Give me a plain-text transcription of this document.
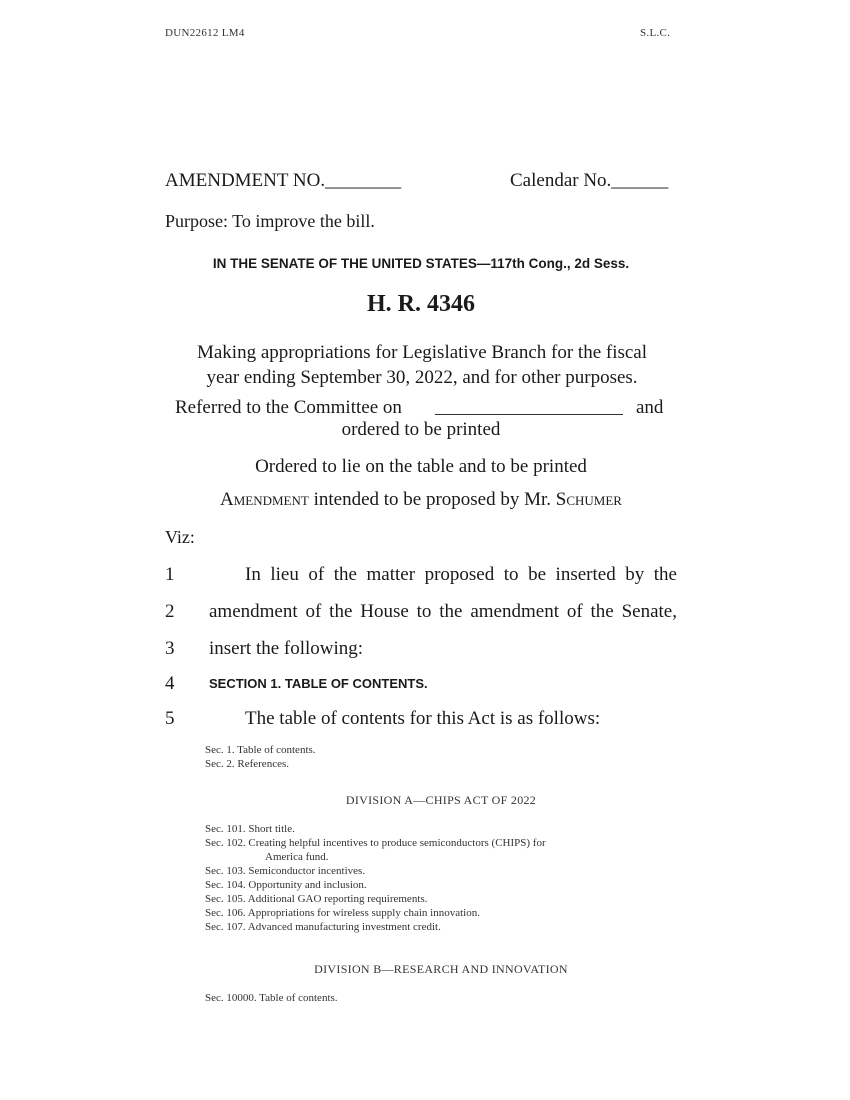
DUN22612 LM4	S.L.C.
AMENDMENT NO.________	Calendar No.______
Purpose: To improve the bill.
IN THE SENATE OF THE UNITED STATES—117th Cong., 2d Sess.
H. R. 4346
Making appropriations for Legislative Branch for the fiscal year ending September 30, 2022, and for other purposes.
Referred to the Committee on	and
ordered to be printed
Ordered to lie on the table and to be printed
Amendment intended to be proposed by Mr. Schumer
Viz:
1	In lieu of the matter proposed to be inserted by the
2	amendment of the House to the amendment of the Senate,
3	insert the following:
4	SECTION 1. TABLE OF CONTENTS.
5	The table of contents for this Act is as follows:
Sec. 1. Table of contents.
Sec. 2. References.
DIVISION A—CHIPS ACT OF 2022
Sec. 101. Short title.
Sec. 102. Creating helpful incentives to produce semiconductors (CHIPS) for
America fund.
Sec. 103. Semiconductor incentives.
Sec. 104. Opportunity and inclusion.
Sec. 105. Additional GAO reporting requirements.
Sec. 106. Appropriations for wireless supply chain innovation.
Sec. 107. Advanced manufacturing investment credit.
DIVISION B—RESEARCH AND INNOVATION
Sec. 10000. Table of contents.
